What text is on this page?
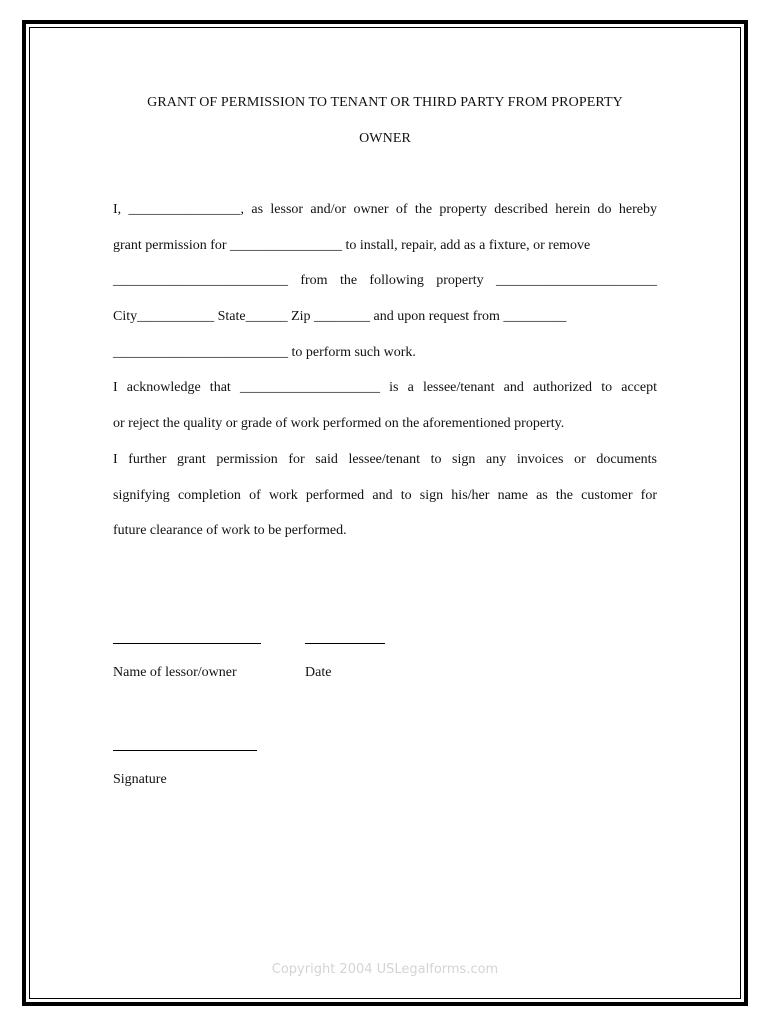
GRANT OF PERMISSION TO TENANT OR THIRD PARTY FROM PROPERTY
OWNER
I, ________________, as lessor and/or owner of the property described herein do hereby
grant permission for ________________ to install, repair, add as a fixture, or remove
_________________________ from the following property _______________________
City___________ State______ Zip ________ and upon request from _________
_________________________ to perform such work.
I acknowledge that ____________________ is a lessee/tenant and authorized to accept
or reject the quality or grade of work performed on the aforementioned property.
I further grant permission for said lessee/tenant to sign any invoices or documents
signifying completion of work performed and to sign his/her name as the customer for
future clearance of work to be performed.
Name of lessor/owner	Date
Signature
Copyright 2004 USLegalforms.com
